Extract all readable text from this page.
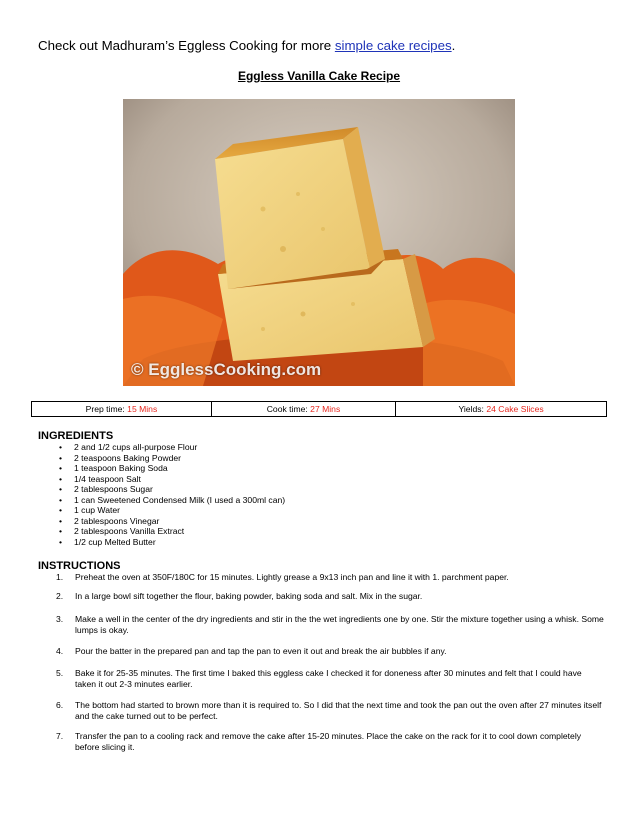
Check out Madhuram’s Eggless Cooking for more simple cake recipes.
Eggless Vanilla Cake Recipe
© EgglessCooking.com
Prep time: 15 Mins	Cook time: 27 Mins	Yields: 24 Cake Slices
INGREDIENTS
• 2 and 1/2 cups all-purpose Flour
• 2 teaspoons Baking Powder
• 1 teaspoon Baking Soda
• 1/4 teaspoon Salt
• 2 tablespoons Sugar
• 1 can Sweetened Condensed Milk (I used a 300ml can)
• 1 cup Water
• 2 tablespoons Vinegar
• 2 tablespoons Vanilla Extract
• 1/2 cup Melted Butter
INSTRUCTIONS
1. Preheat the oven at 350F/180C for 15 minutes. Lightly grease a 9x13 inch pan and line it with 1. parchment paper.
2. In a large bowl sift together the flour, baking powder, baking soda and salt. Mix in the sugar.
3. Make a well in the center of the dry ingredients and stir in the the wet ingredients one by one. Stir the mixture together using a whisk. Some lumps is okay.
4. Pour the batter in the prepared pan and tap the pan to even it out and break the air bubbles if any.
5. Bake it for 25-35 minutes. The first time I baked this eggless cake I checked it for doneness after 30 minutes and felt that I could have taken it out 2-3 minutes earlier.
6. The bottom had started to brown more than it is required to. So I did that the next time and took the pan out the oven after 27 minutes itself and the cake turned out to be perfect.
7. Transfer the pan to a cooling rack and remove the cake after 15-20 minutes. Place the cake on the rack for it to cool down completely before slicing it.
